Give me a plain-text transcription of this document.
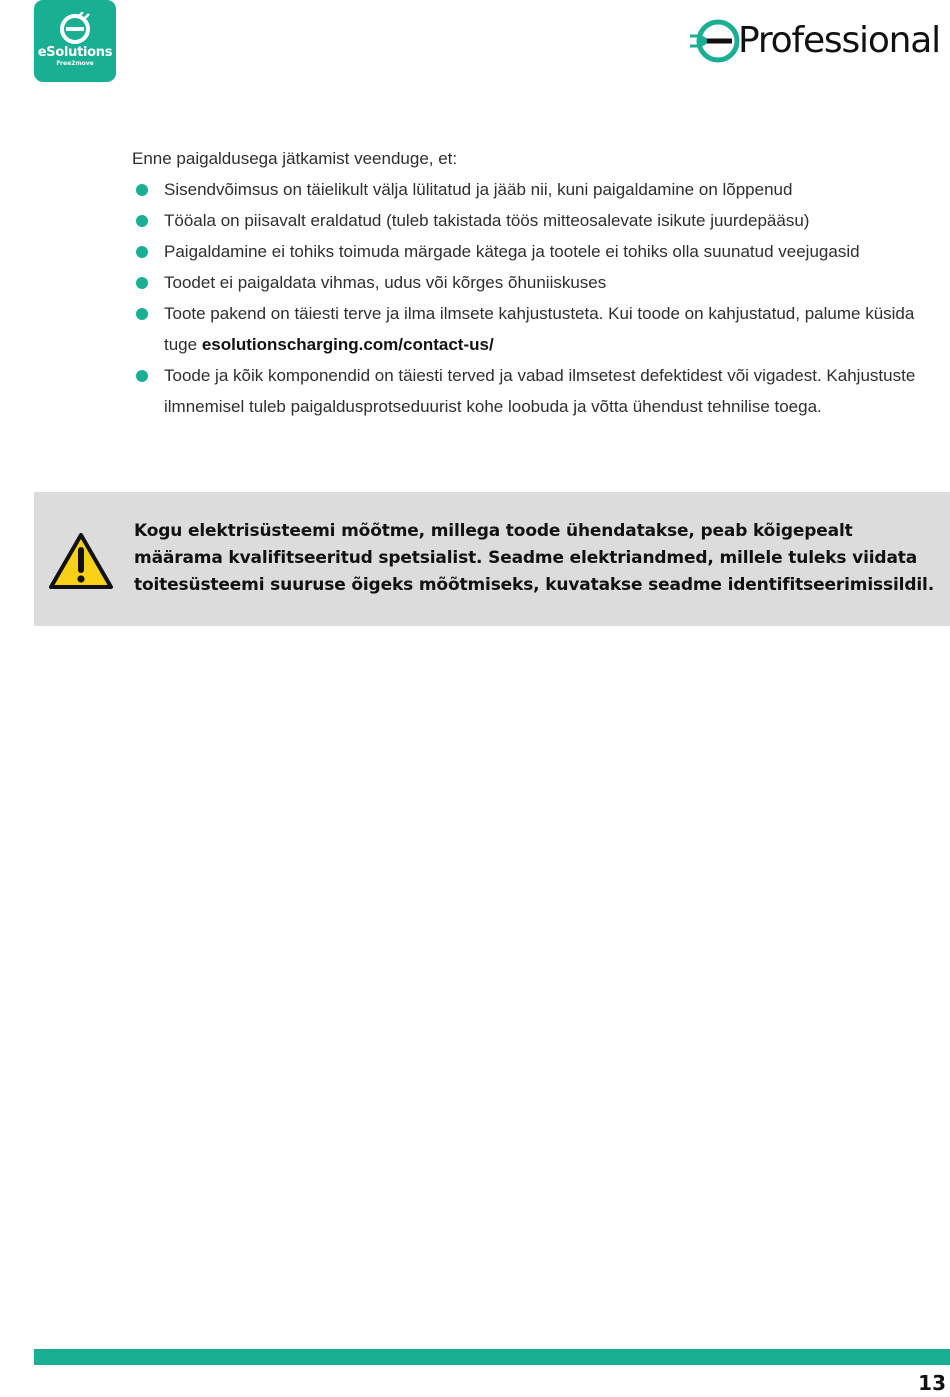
eSolutions
Free2move
Professional

Enne paigaldusega jätkamist veenduge, et:

Sisendvõimsus on täielikult välja lülitatud ja jääb nii, kuni paigaldamine on lõppenud
Tööala on piisavalt eraldatud (tuleb takistada töös mitteosalevate isikute juurdepääsu)
Paigaldamine ei tohiks toimuda märgade kätega ja tootele ei tohiks olla suunatud veejugasid
Toodet ei paigaldata vihmas, udus või kõrges õhuniiskuses
Toote pakend on täiesti terve ja ilma ilmsete kahjustusteta. Kui toode on kahjustatud, palume küsida tuge esolutionscharging.com/contact-us/
Toode ja kõik komponendid on täiesti terved ja vabad ilmsetest defektidest või vigadest. Kahjustuste ilmnemisel tuleb paigaldusprotseduurist kohe loobuda ja võtta ühendust tehnilise toega.
Kogu elektrisüsteemi mõõtme, millega toode ühendatakse, peab kõigepealt määrama kvalifitseeritud spetsialist. Seadme elektriandmed, millele tuleks viidata toitesüsteemi suuruse õigeks mõõtmiseks, kuvatakse seadme identifitseerimissildil.
13
